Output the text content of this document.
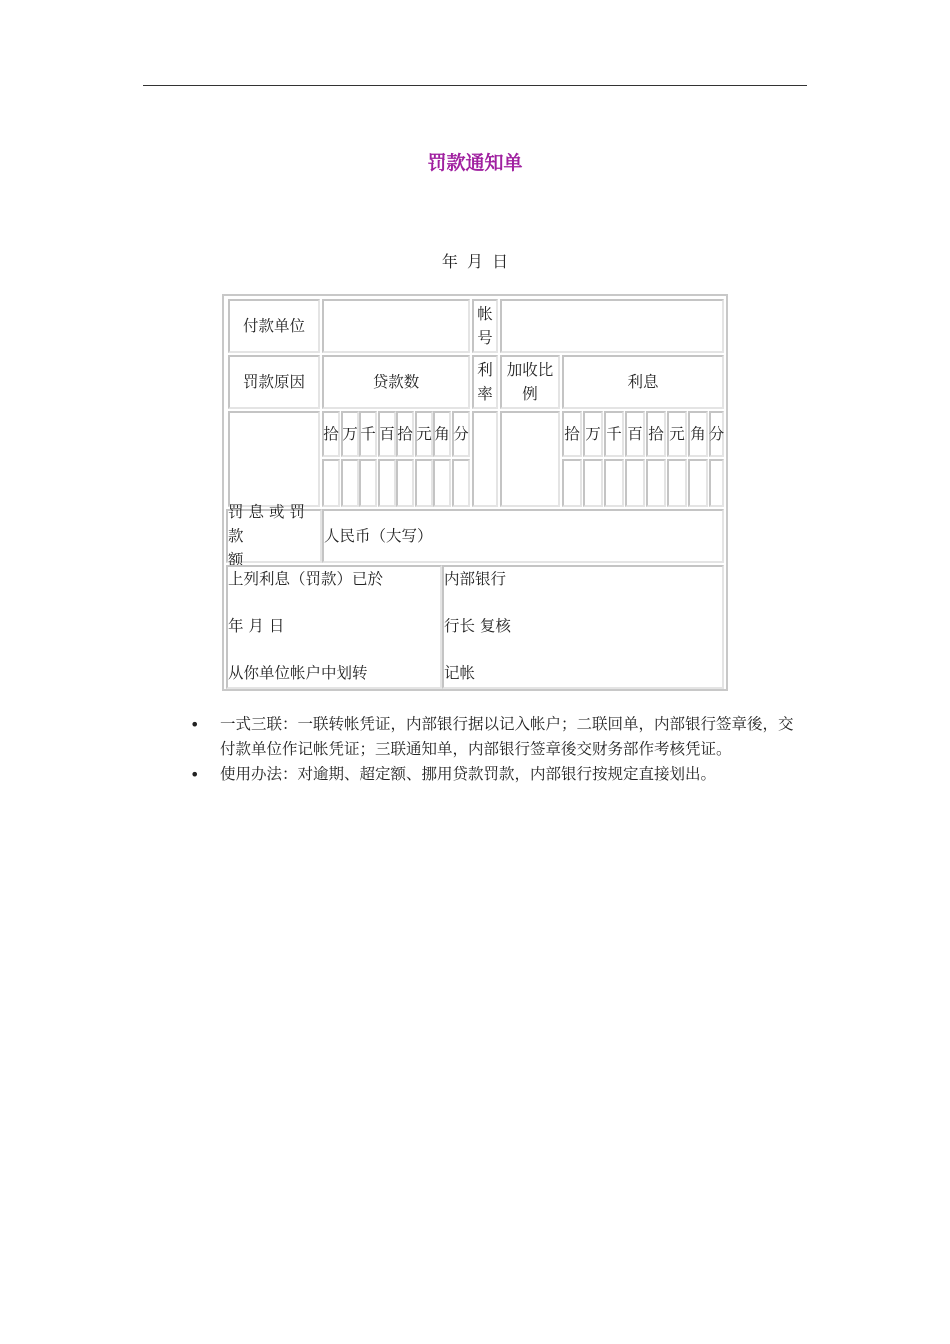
罚款通知单
年 月 日
付款单位
帐
号
罚款原因	贷款数
利
率
加收比
例
利息
拾 万 千 百 拾 元 角 分	拾 万 千 百 拾 元 角 分
罚息或罚款
额
人民币（大写）
上列利息（罚款）已於
年 月 日
从你单位帐户中划转
内部银行
行长 复核
记帐
• 一式三联：一联转帐凭证，内部银行据以记入帐户；二联回单，内部银行签章後，交付款单位作记帐凭证；三联通知单，内部银行签章後交财务部作考核凭证。
• 使用办法：对逾期、超定额、挪用贷款罚款，内部银行按规定直接划出。
